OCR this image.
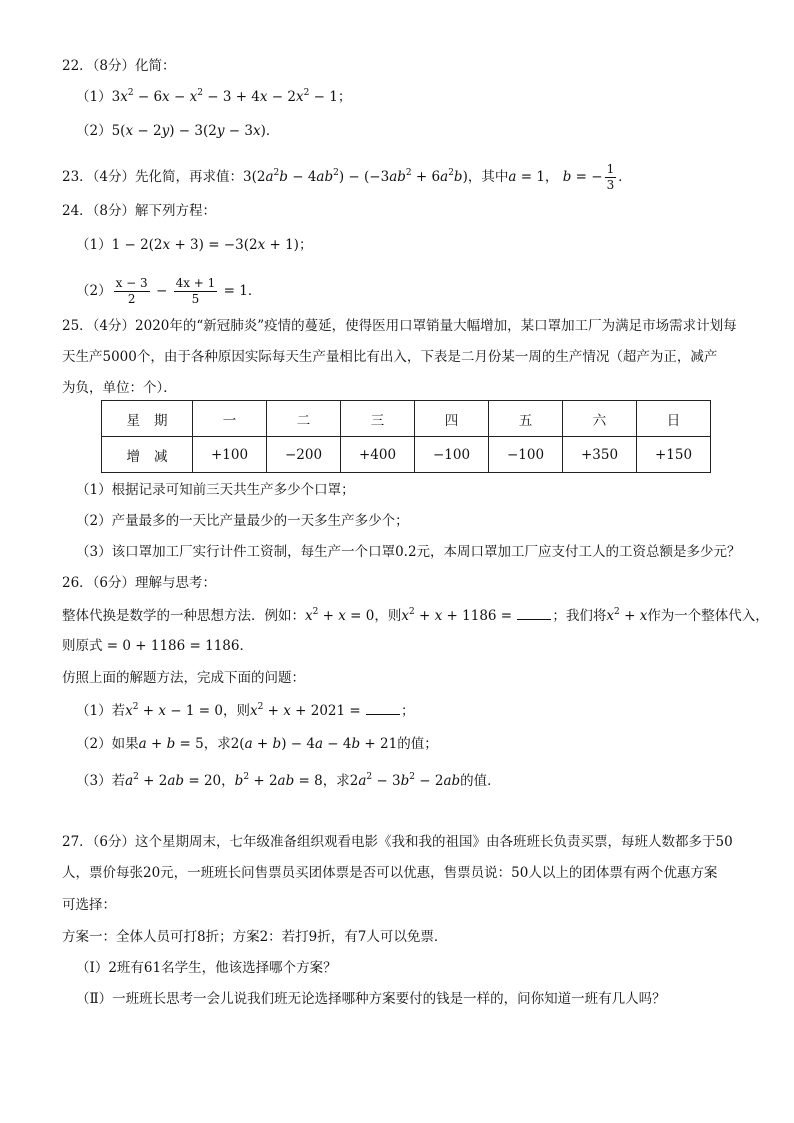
22．（8分）化简：
$(1)3x^2 - 6x - x^2 - 3 + 4x - 2x^2 - 1$；
（2）5(x − 2y) − 3(2y − 3x)．
23．（4分）先化简，再求值：$3(2a^2b - 4ab^2) - (-3ab^2 + 6a^2b)$，其中a = 1， b = − $\frac{1}{3}$ ．
24．（8分）解下列方程：
（1）1 − 2(2x + 3) = −3(2x + 1)；
$(2) \frac{x - 3}{2} - \frac{4x + 1}{5} = 1$．
25．（4分）2020年的“新冠肺炎”疫情的蔓延，使得医用口罩销量大幅增加，某口罩加工厂为满足市场需求计划每
天生产5000个，由于各种原因实际每天生产量相比有出入，下表是二月份某一周的生产情况（超产为正，减产
为负，单位：个）．
星期	一	二	三	四	五	六	日
增减	+100	−200	+400	−100	−100	+350	+150
（1）根据记录可知前三天共生产多少个口罩；
（2）产量最多的一天比产量最少的一天多生产多少个；
（3）该口罩加工厂实行计件工资制，每生产一个口罩0.2元，本周口罩加工厂应支付工人的工资总额是多少元？
26．（6分）理解与思考：
整体代换是数学的一种思想方法．例如：$x^2 + x = 0$，则$x^2 + x + 1186$ =	；我们将$x^2 + x$作为一个整体代入，
则原式 = 0 + 1186 = 1186．
仿照上面的解题方法，完成下面的问题：
（1）若$x^2 + x - 1 = 0$，则$x^2 + x + 2021$ =	；
（2）如果a + b = 5，求2(a + b) − 4a − 4b + 21的值；
（3）若$a^2 + 2ab = 20$，$b^2 + 2ab = 8$，求$2a^2 - 3b^2 - 2ab$的值．
27．（6分）这个星期周末，七年级准备组织观看电影《我和我的祖国》由各班班长负责买票，每班人数都多于50
人，票价每张20元，一班班长问售票员买团体票是否可以优惠，售票员说：50人以上的团体票有两个优惠方案
可选择：
方案一：全体人员可打8折；方案2：若打9折，有7人可以免票．
（Ⅰ）2班有61名学生，他该选择哪个方案？
（Ⅱ）一班班长思考一会儿说我们班无论选择哪种方案要付的钱是一样的，问你知道一班有几人吗？
